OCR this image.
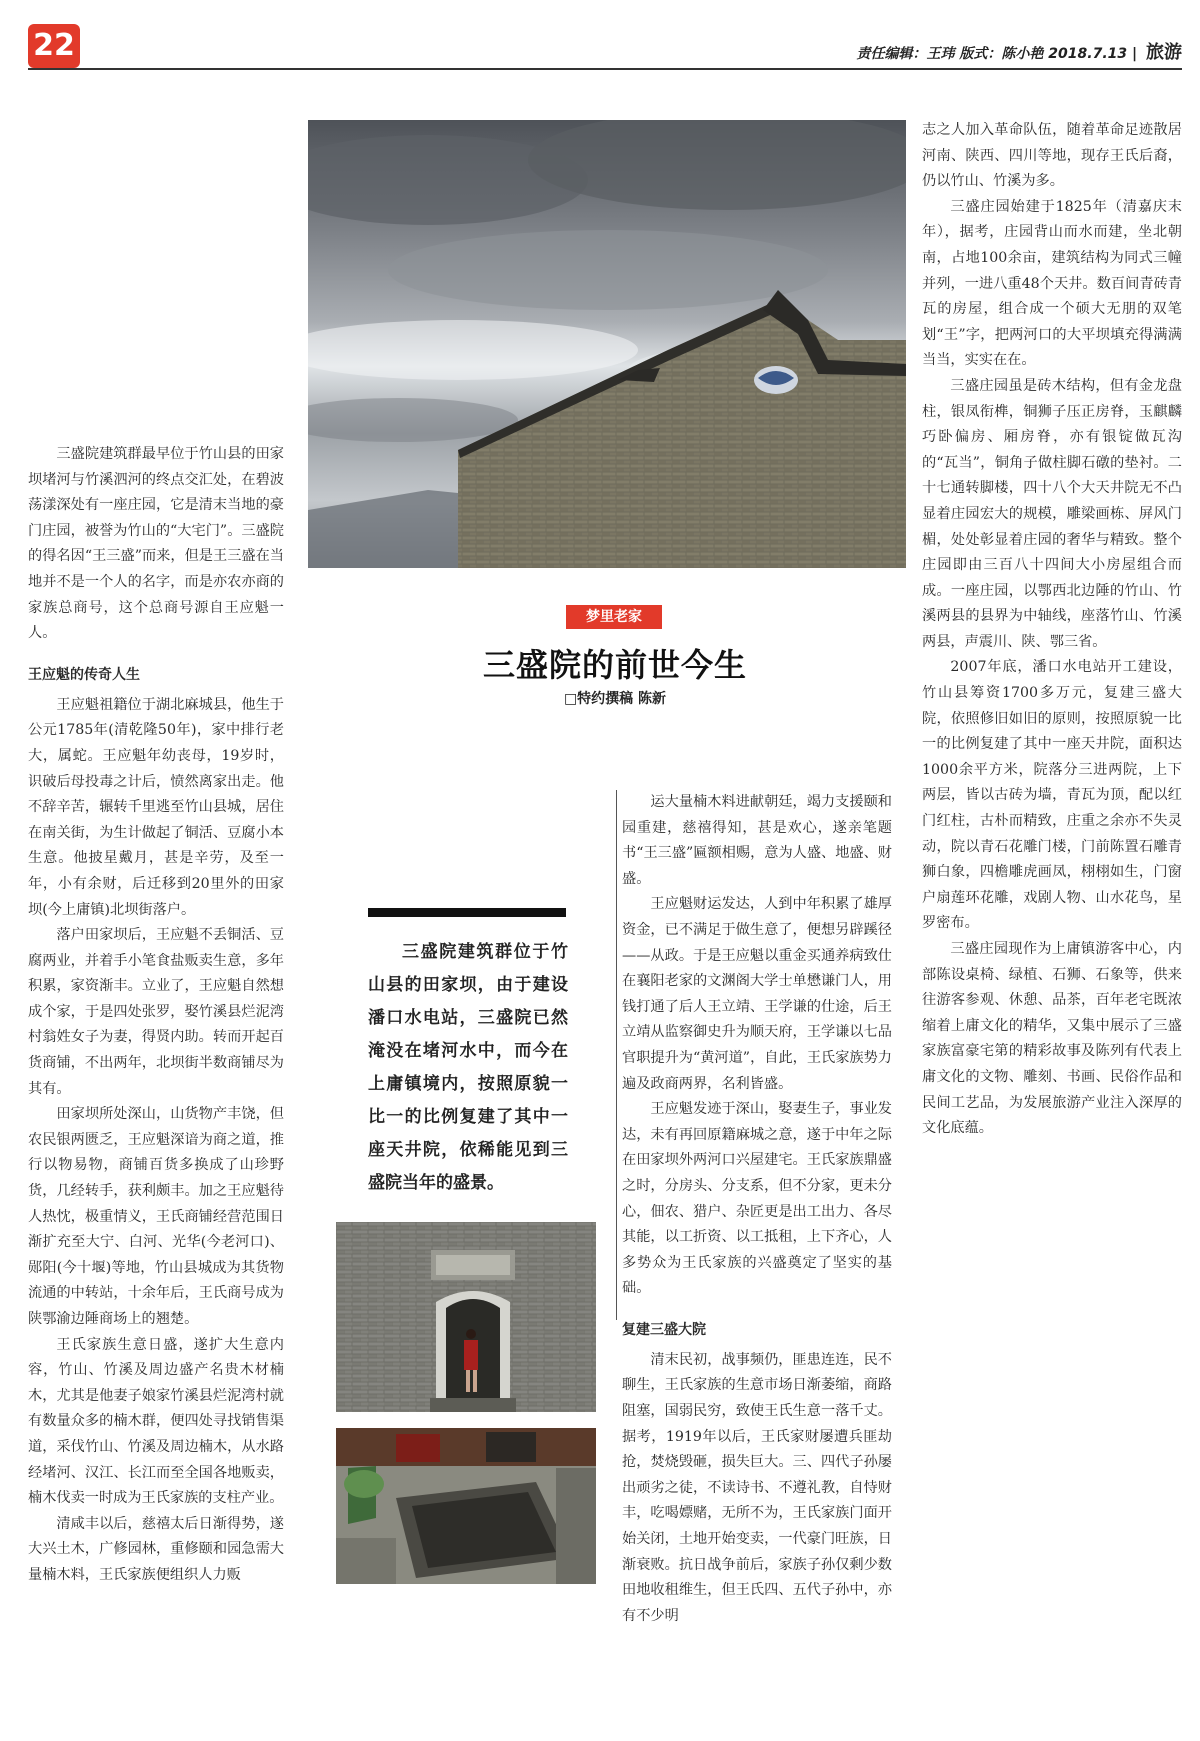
22	责任编辑：王玮 版式：陈小艳 2018.7.13 | 旅游

三盛院建筑群最早位于竹山县的田家坝堵河与竹溪泗河的终点交汇处，在碧波荡漾深处有一座庄园，它是清末当地的豪门庄园，被誉为竹山的“大宅门”。三盛院的得名因“王三盛”而来，但是王三盛在当地并不是一个人的名字，而是亦农亦商的家族总商号，这个总商号源自王应魁一人。

王应魁的传奇人生

王应魁祖籍位于湖北麻城县，他生于公元1785年(清乾隆50年)，家中排行老大，属蛇。王应魁年幼丧母，19岁时，识破后母投毒之计后，愤然离家出走。他不辞辛苦，辗转千里逃至竹山县城，居住在南关街，为生计做起了铜活、豆腐小本生意。他披星戴月，甚是辛劳，及至一年，小有余财，后迁移到20里外的田家坝(今上庸镇)北坝街落户。

落户田家坝后，王应魁不丢铜活、豆腐两业，并着手小笔食盐贩卖生意，多年积累，家资渐丰。立业了，王应魁自然想成个家，于是四处张罗，娶竹溪县烂泥湾村翁姓女子为妻，得贤内助。转而开起百货商铺，不出两年，北坝街半数商铺尽为其有。

田家坝所处深山，山货物产丰饶，但农民银两匮乏，王应魁深谙为商之道，推行以物易物，商铺百货多换成了山珍野货，几经转手，获利颇丰。加之王应魁待人热忱，极重情义，王氏商铺经营范围日渐扩充至大宁、白河、光华(今老河口)、郧阳(今十堰)等地，竹山县城成为其货物流通的中转站，十余年后，王氏商号成为陕鄂渝边陲商场上的翘楚。

王氏家族生意日盛，遂扩大生意内容，竹山、竹溪及周边盛产名贵木材楠木，尤其是他妻子娘家竹溪县烂泥湾村就有数量众多的楠木群，便四处寻找销售渠道，采伐竹山、竹溪及周边楠木，从水路经堵河、汉江、长江而至全国各地贩卖，楠木伐卖一时成为王氏家族的支柱产业。

清咸丰以后，慈禧太后日渐得势，遂大兴土木，广修园林，重修颐和园急需大量楠木料，王氏家族便组织人力贩

梦里老家
三盛院的前世今生
□特约撰稿 陈新

三盛院建筑群位于竹山县的田家坝，由于建设潘口水电站，三盛院已然淹没在堵河水中，而今在上庸镇境内，按照原貌一比一的比例复建了其中一座天井院，依稀能见到三盛院当年的盛景。

运大量楠木料进献朝廷，竭力支援颐和园重建，慈禧得知，甚是欢心，遂亲笔题书“王三盛”匾额相赐，意为人盛、地盛、财盛。

王应魁财运发达，人到中年积累了雄厚资金，已不满足于做生意了，便想另辟蹊径——从政。于是王应魁以重金买通养病致仕在襄阳老家的文渊阁大学士单懋谦门人，用钱打通了后人王立靖、王学谦的仕途，后王立靖从监察御史升为顺天府，王学谦以七品官职提升为“黄河道”，自此，王氏家族势力遍及政商两界，名利皆盛。

王应魁发迹于深山，娶妻生子，事业发达，未有再回原籍麻城之意，遂于中年之际在田家坝外两河口兴屋建宅。王氏家族鼎盛之时，分房头、分支系，但不分家，更未分心，佃农、猎户、杂匠更是出工出力、各尽其能，以工折资、以工抵租，上下齐心，人多势众为王氏家族的兴盛奠定了坚实的基础。

复建三盛大院

清末民初，战事频仍，匪患连连，民不聊生，王氏家族的生意市场日渐萎缩，商路阻塞，国弱民穷，致使王氏生意一落千丈。据考，1919年以后，王氏家财屡遭兵匪劫抢，焚烧毁砸，损失巨大。三、四代子孙屡出顽劣之徒，不读诗书、不遵礼教，自恃财丰，吃喝嫖赌，无所不为，王氏家族门面开始关闭，土地开始变卖，一代豪门旺族，日渐衰败。抗日战争前后，家族子孙仅剩少数田地收租维生，但王氏四、五代子孙中，亦有不少明

志之人加入革命队伍，随着革命足迹散居河南、陕西、四川等地，现存王氏后裔，仍以竹山、竹溪为多。

三盛庄园始建于1825年（清嘉庆末年），据考，庄园背山而水而建，坐北朝南，占地100余亩，建筑结构为同式三幢并列，一进八重48个天井。数百间青砖青瓦的房屋，组合成一个硕大无朋的双笔划“王”字，把两河口的大平坝填充得满满当当，实实在在。

三盛庄园虽是砖木结构，但有金龙盘柱，银凤衔榫，铜狮子压正房脊，玉麒麟巧卧偏房、厢房脊，亦有银锭做瓦沟的“瓦当”，铜角子做柱脚石礅的垫衬。二十七通转脚楼，四十八个大天井院无不凸显着庄园宏大的规模，雕梁画栋、屏风门楣，处处彰显着庄园的奢华与精致。整个庄园即由三百八十四间大小房屋组合而成。一座庄园，以鄂西北边陲的竹山、竹溪两县的县界为中轴线，座落竹山、竹溪两县，声震川、陕、鄂三省。

2007年底，潘口水电站开工建设，竹山县筹资1700多万元，复建三盛大院，依照修旧如旧的原则，按照原貌一比一的比例复建了其中一座天井院，面积达1000余平方米，院落分三进两院，上下两层，皆以古砖为墙，青瓦为顶，配以红门红柱，古朴而精致，庄重之余亦不失灵动，院以青石花雕门楼，门前陈置石雕青狮白象，四檐雕虎画凤，栩栩如生，门窗户扇莲环花雕，戏剧人物、山水花鸟，星罗密布。

三盛庄园现作为上庸镇游客中心，内部陈设桌椅、绿植、石狮、石象等，供来往游客参观、休憩、品茶，百年老宅既浓缩着上庸文化的精华，又集中展示了三盛家族富豪宅第的精彩故事及陈列有代表上庸文化的文物、雕刻、书画、民俗作品和民间工艺品，为发展旅游产业注入深厚的文化底蕴。
